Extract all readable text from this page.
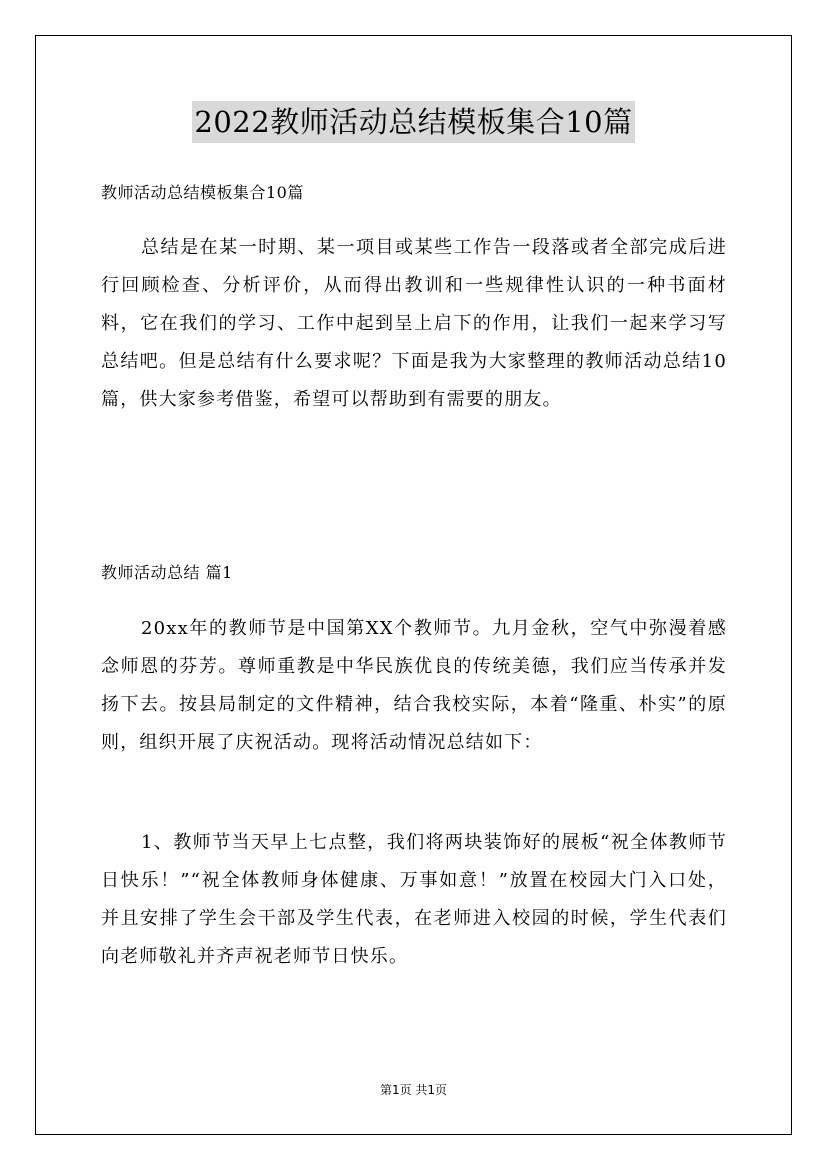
2022教师活动总结模板集合10篇
教师活动总结模板集合10篇

总结是在某一时期、某一项目或某些工作告一段落或者全部完成后进行回顾检查、分析评价，从而得出教训和一些规律性认识的一种书面材料，它在我们的学习、工作中起到呈上启下的作用，让我们一起来学习写总结吧。但是总结有什么要求呢？下面是我为大家整理的教师活动总结10篇，供大家参考借鉴，希望可以帮助到有需要的朋友。

教师活动总结 篇1

20xx年的教师节是中国第XX个教师节。九月金秋，空气中弥漫着感念师恩的芬芳。尊师重教是中华民族优良的传统美德，我们应当传承并发扬下去。按县局制定的文件精神，结合我校实际，本着“隆重、朴实”的原则，组织开展了庆祝活动。现将活动情况总结如下：

1、教师节当天早上七点整，我们将两块装饰好的展板“祝全体教师节日快乐！”“祝全体教师身体健康、万事如意！”放置在校园大门入口处，并且安排了学生会干部及学生代表，在老师进入校园的时候，学生代表们向老师敬礼并齐声祝老师节日快乐。

第1页 共1页
